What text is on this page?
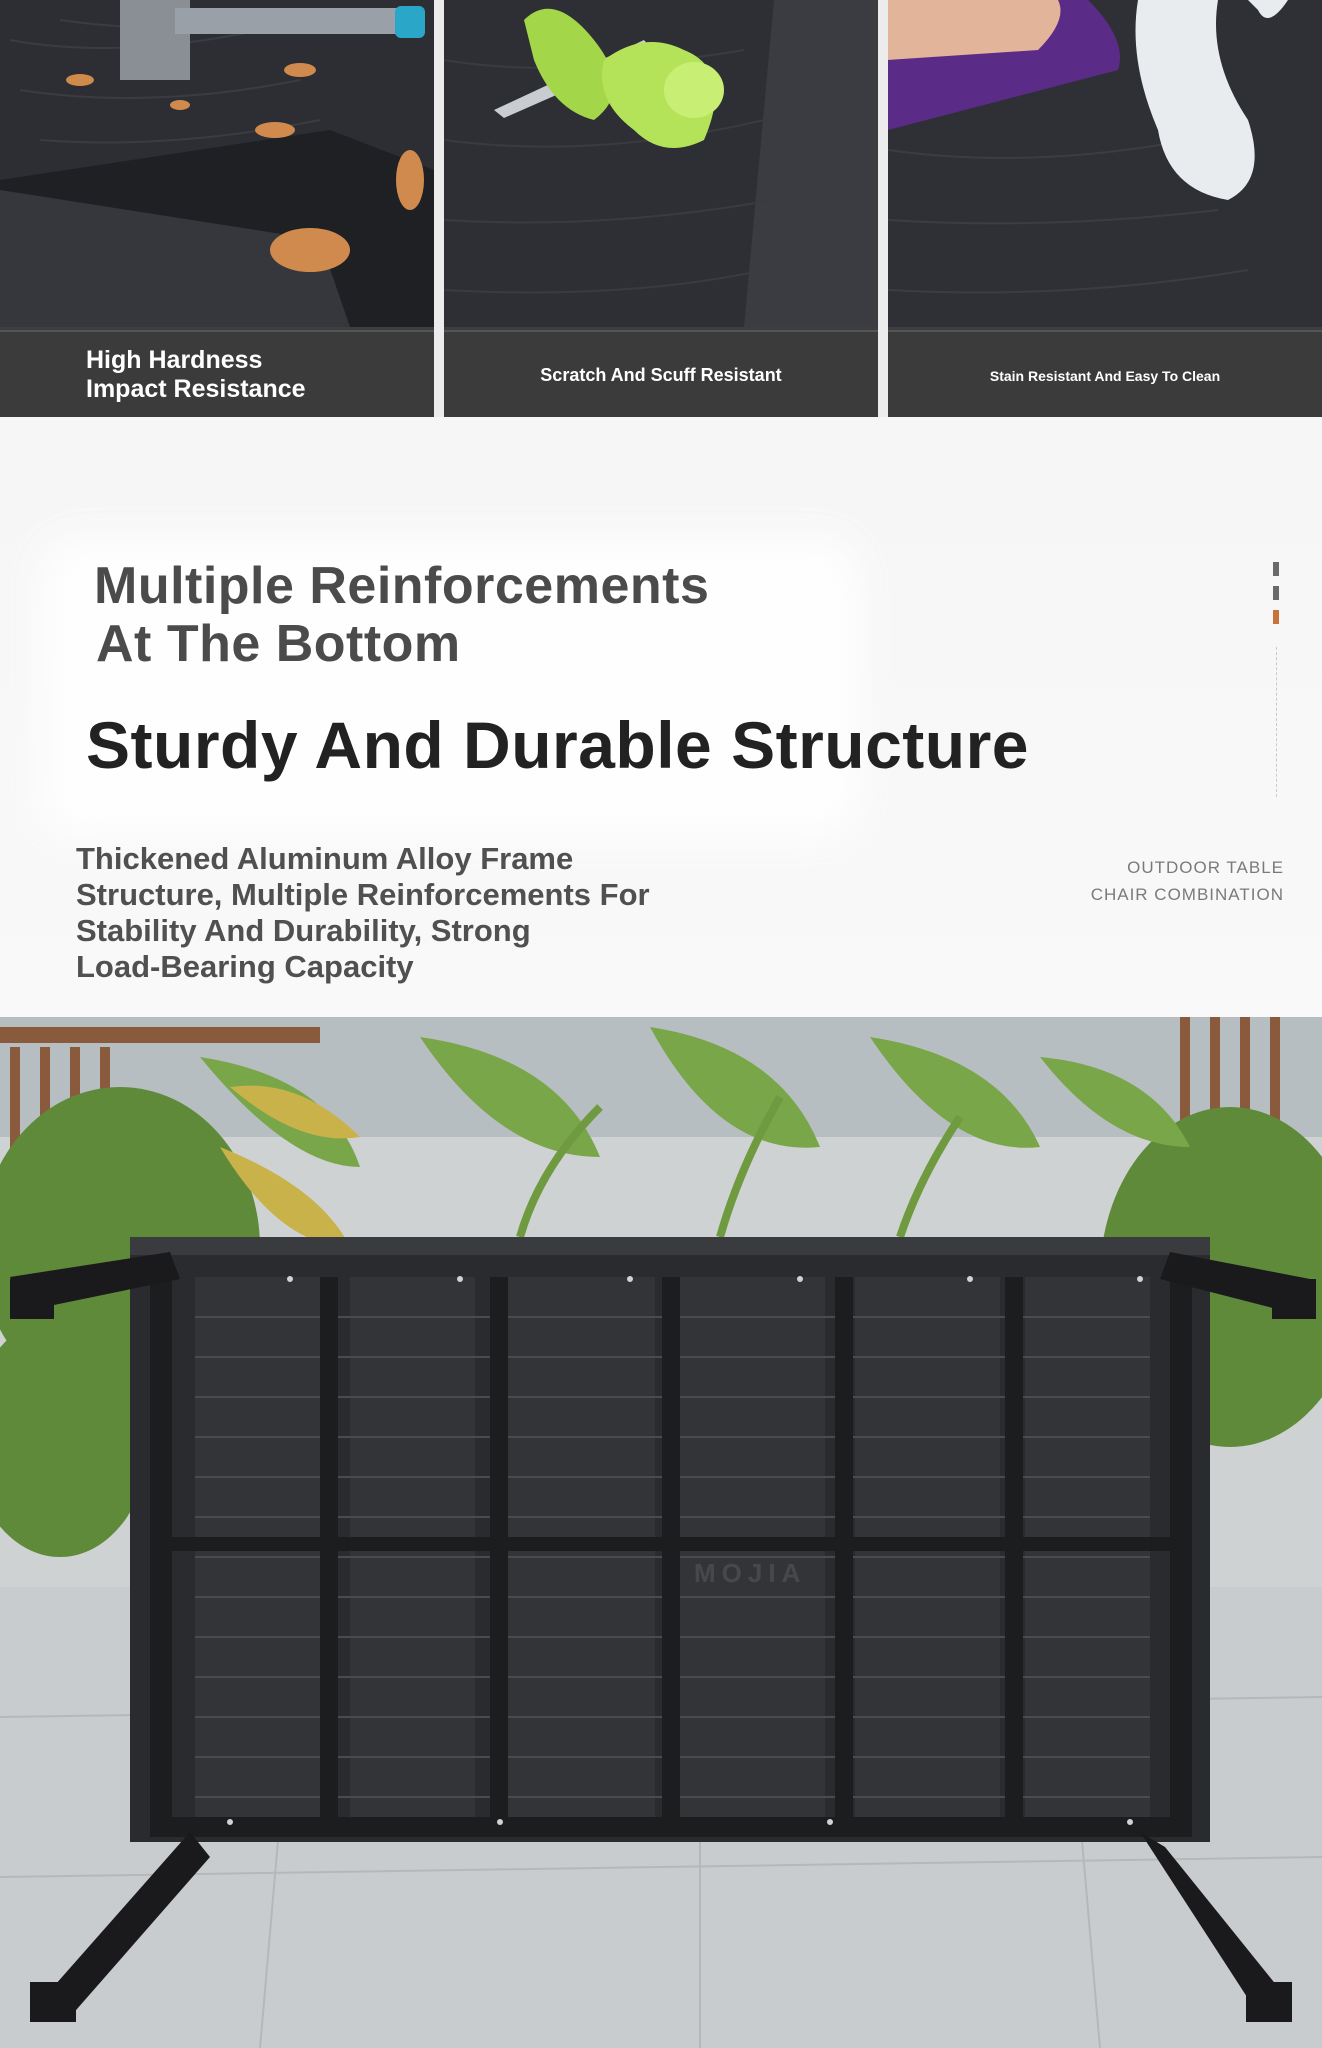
High Hardness
Impact Resistance	Scratch And Scuff Resistant	Stain Resistant And Easy To Clean
Multiple Reinforcements
At The Bottom
Sturdy And Durable Structure
Thickened Aluminum Alloy Frame
Structure, Multiple Reinforcements For
Stability And Durability, Strong
Load-Bearing Capacity
OUTDOOR TABLE
CHAIR COMBINATION
MOJIA
